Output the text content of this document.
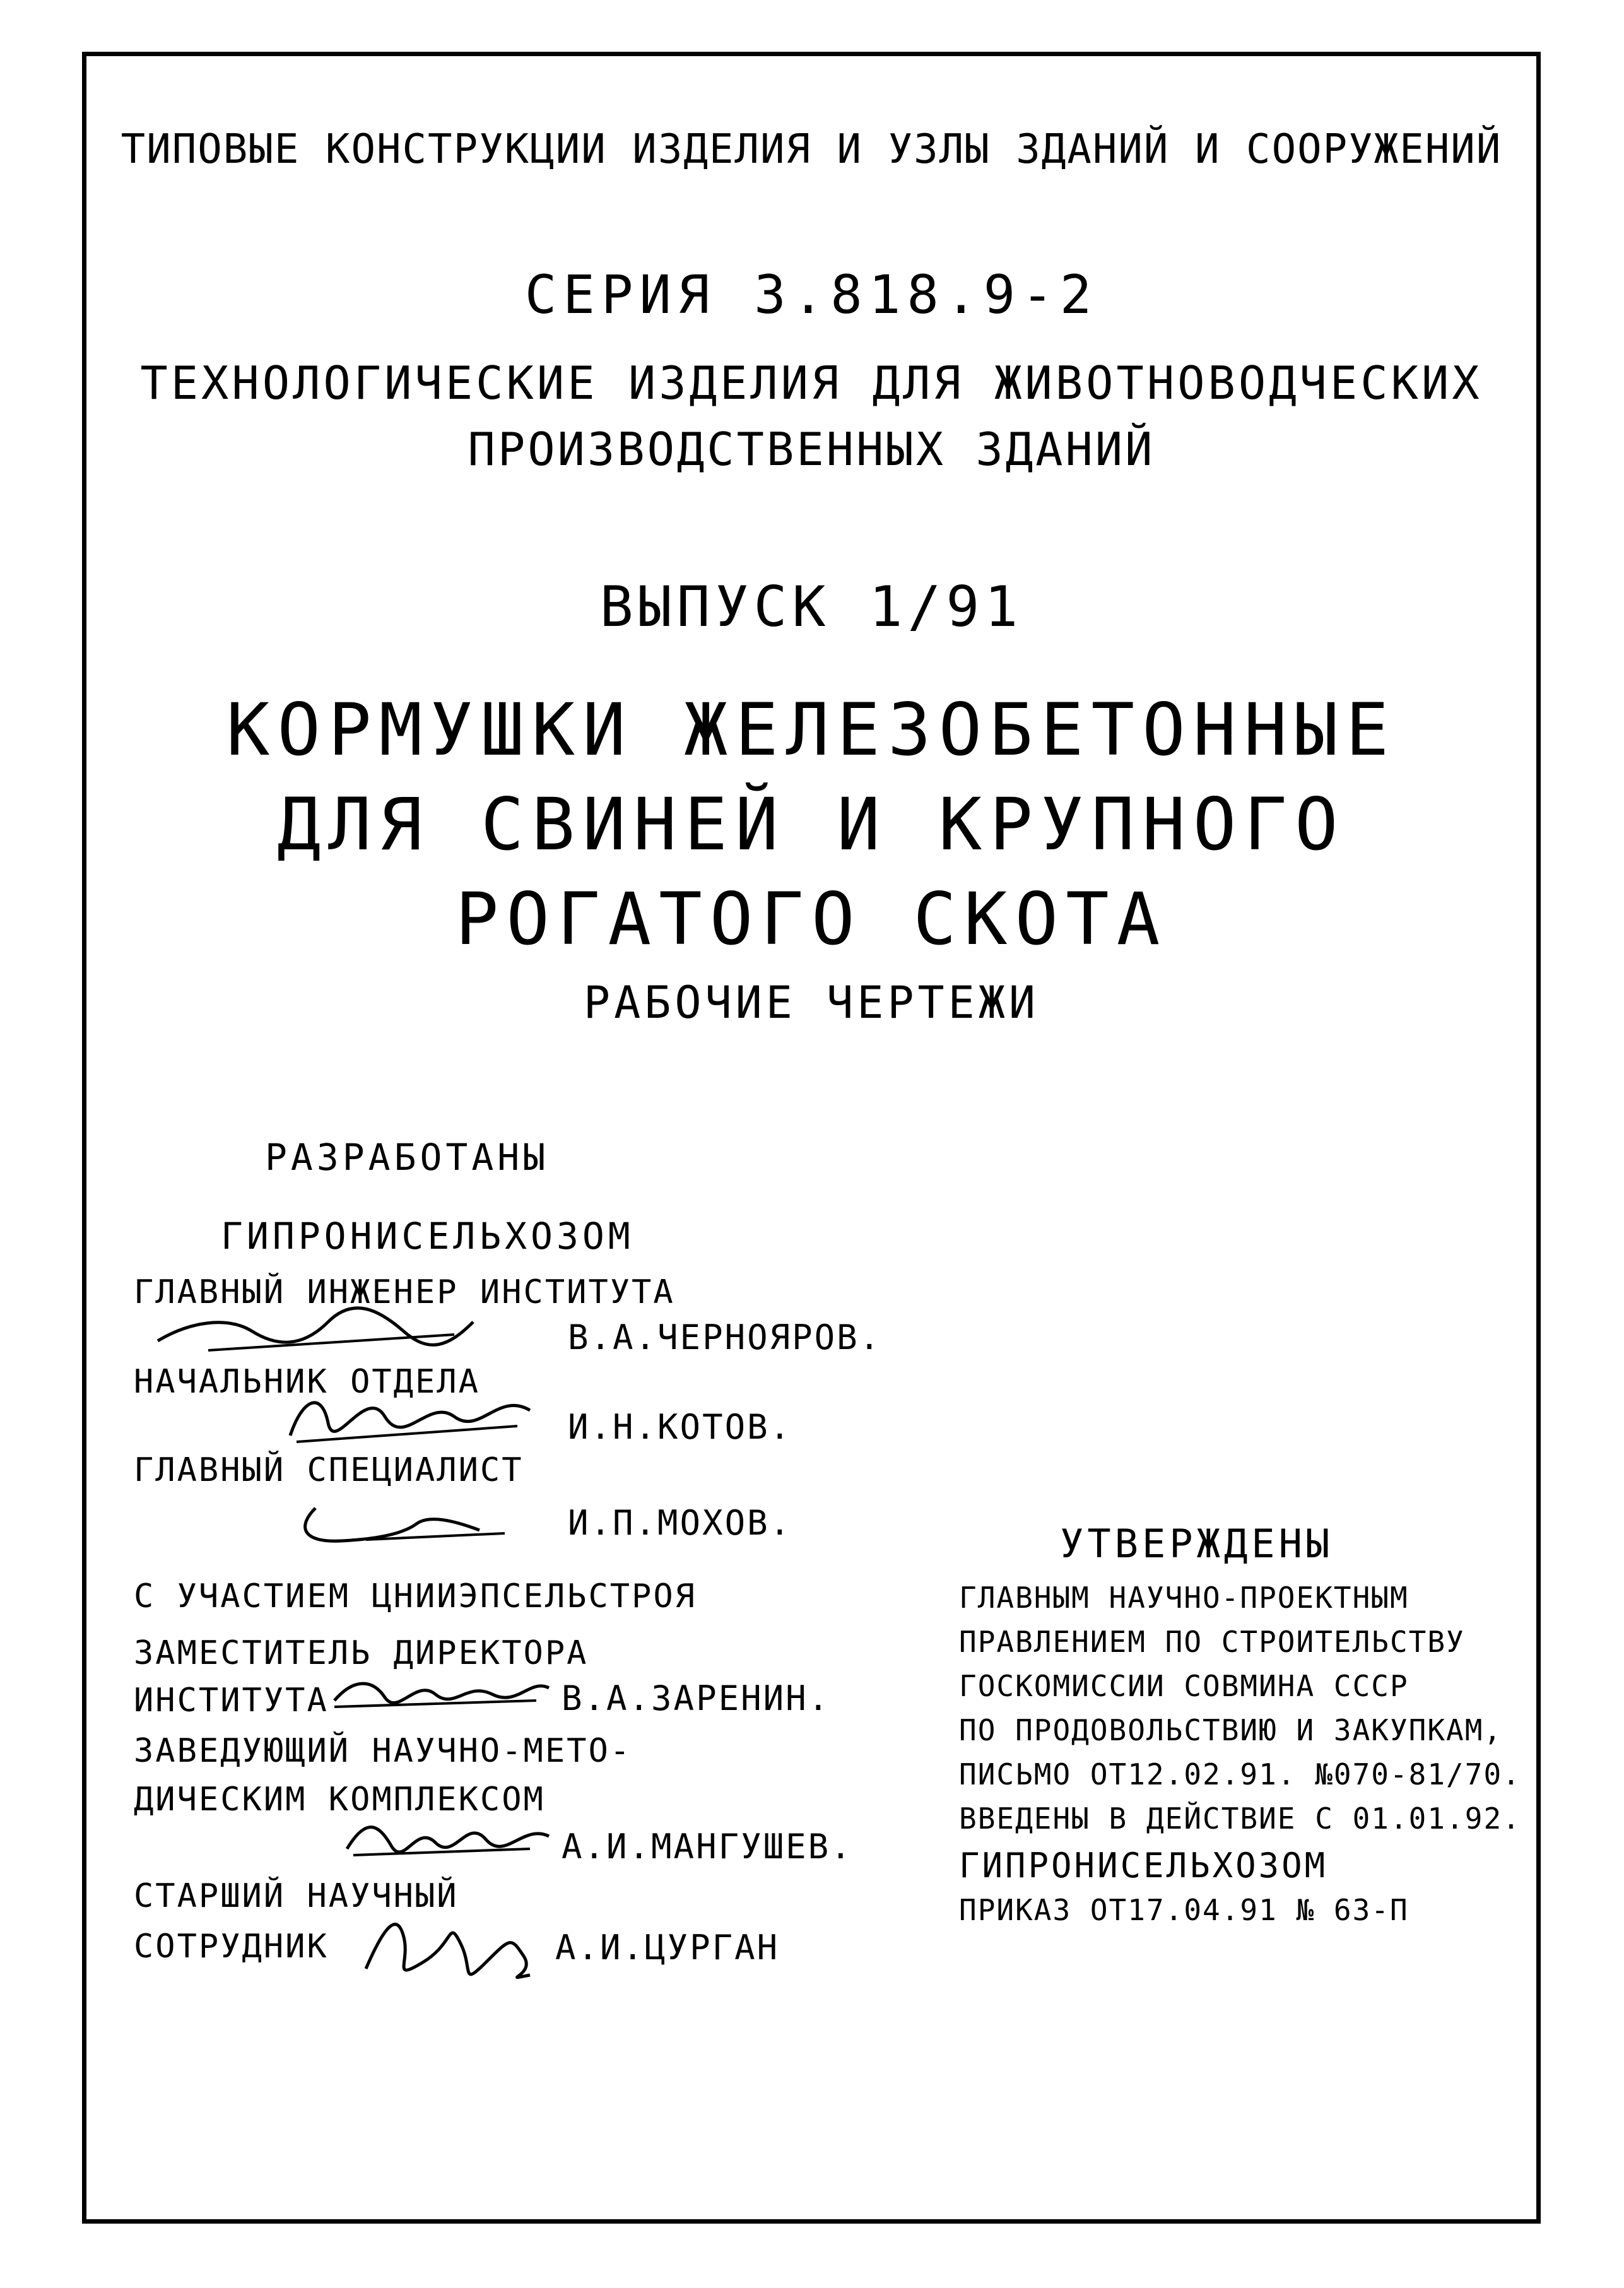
ТИПОВЫЕ КОНСТРУКЦИИ ИЗДЕЛИЯ И УЗЛЫ ЗДАНИЙ И СООРУЖЕНИЙ
СЕРИЯ 3.818.9-2
ТЕХНОЛОГИЧЕСКИЕ ИЗДЕЛИЯ ДЛЯ ЖИВОТНОВОДЧЕСКИХ
ПРОИЗВОДСТВЕННЫХ ЗДАНИЙ
ВЫПУСК 1/91
КОРМУШКИ ЖЕЛЕЗОБЕТОННЫЕ
ДЛЯ СВИНЕЙ И КРУПНОГО
РОГАТОГО СКОТА
РАБОЧИЕ ЧЕРТЕЖИ
РАЗРАБОТАНЫ
ГИПРОНИСЕЛЬХОЗОМ
ГЛАВНЫЙ ИНЖЕНЕР ИНСТИТУТА
В.А.ЧЕРНОЯРОВ.
НАЧАЛЬНИК ОТДЕЛА
И.Н.КОТОВ.
ГЛАВНЫЙ СПЕЦИАЛИСТ
И.П.МОХОВ.
С УЧАСТИЕМ ЦНИИЭПСЕЛЬСТРОЯ
ЗАМЕСТИТЕЛЬ ДИРЕКТОРА
ИНСТИТУТА	В.А.ЗАРЕНИН.
ЗАВЕДУЮЩИЙ НАУЧНО-МЕТО-
ДИЧЕСКИМ КОМПЛЕКСОМ
А.И.МАНГУШЕВ.
СТАРШИЙ НАУЧНЫЙ
СОТРУДНИК	А.И.ЦУРГАН
УТВЕРЖДЕНЫ
ГЛАВНЫМ НАУЧНО-ПРОЕКТНЫМ
ПРАВЛЕНИЕМ ПО СТРОИТЕЛЬСТВУ
ГОСКОМИССИИ СОВМИНА СССР
ПО ПРОДОВОЛЬСТВИЮ И ЗАКУПКАМ,
ПИСЬМО ОТ12.02.91. №070-81/70.
ВВЕДЕНЫ В ДЕЙСТВИЕ С 01.01.92.
ГИПРОНИСЕЛЬХОЗОМ
ПРИКАЗ ОТ17.04.91 № 63-П
